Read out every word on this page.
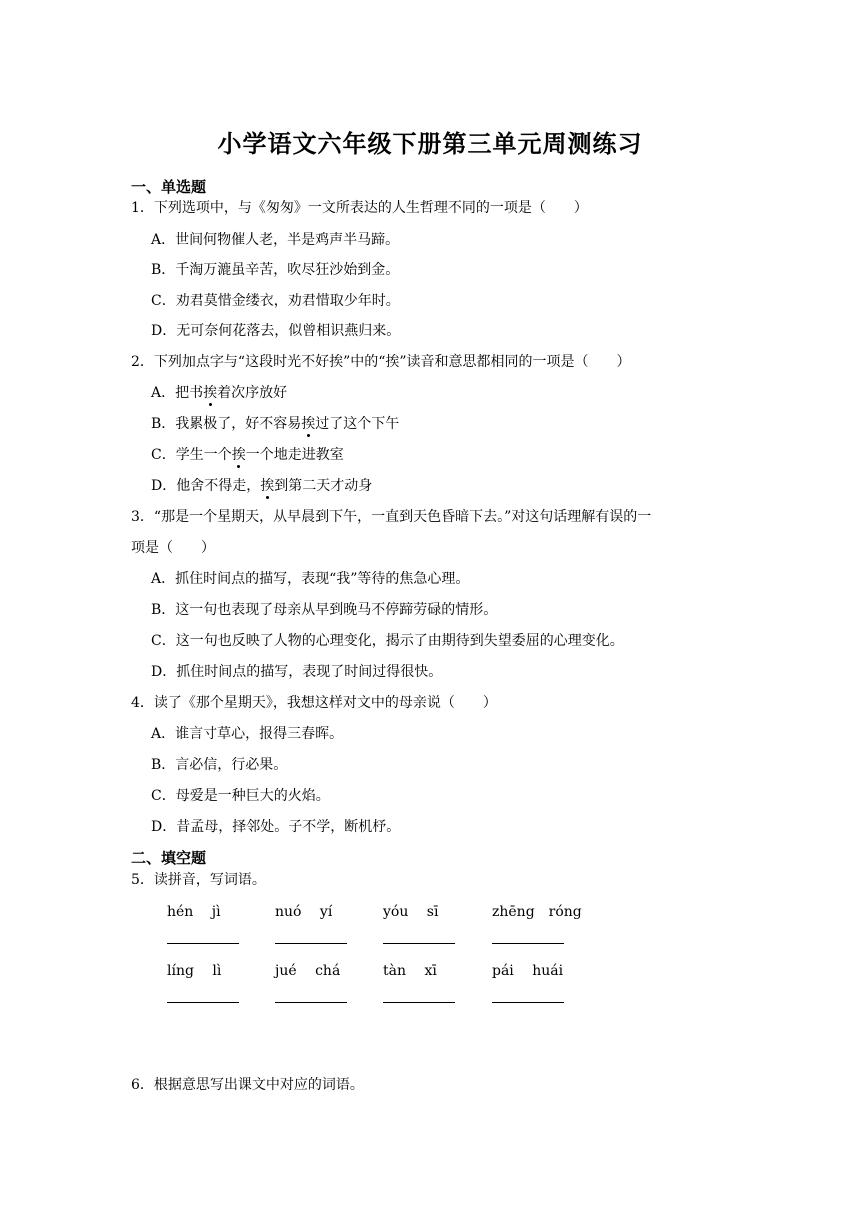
小学语文六年级下册第三单元周测练习
一、单选题
1．下列选项中，与《匆匆》一文所表达的人生哲理不同的一项是（　　）
A．世间何物催人老，半是鸡声半马蹄。
B．千淘万漉虽辛苦，吹尽狂沙始到金。
C．劝君莫惜金缕衣，劝君惜取少年时。
D．无可奈何花落去，似曾相识燕归来。
2．下列加点字与“这段时光不好挨”中的“挨”读音和意思都相同的一项是（　　）
A．把书挨着次序放好
B．我累极了，好不容易挨过了这个下午
C．学生一个挨一个地走进教室
D．他舍不得走，挨到第二天才动身
3．“那是一个星期天，从早晨到下午，一直到天色昏暗下去。”对这句话理解有误的一
项是（　　）
A．抓住时间点的描写，表现“我”等待的焦急心理。
B．这一句也表现了母亲从早到晚马不停蹄劳碌的情形。
C．这一句也反映了人物的心理变化，揭示了由期待到失望委屈的心理变化。
D．抓住时间点的描写，表现了时间过得很快。
4．读了《那个星期天》，我想这样对文中的母亲说（　　）
A．谁言寸草心，报得三春晖。
B．言必信，行必果。
C．母爱是一种巨大的火焰。
D．昔孟母，择邻处。子不学，断机杼。
二、填空题
5．读拼音，写词语。
hén　 jì	nuó　 yí	yóu　 sī	zhēng　róng
líng　 lì	jué　 chá	tàn　 xī	pái　 huái
6．根据意思写出课文中对应的词语。
